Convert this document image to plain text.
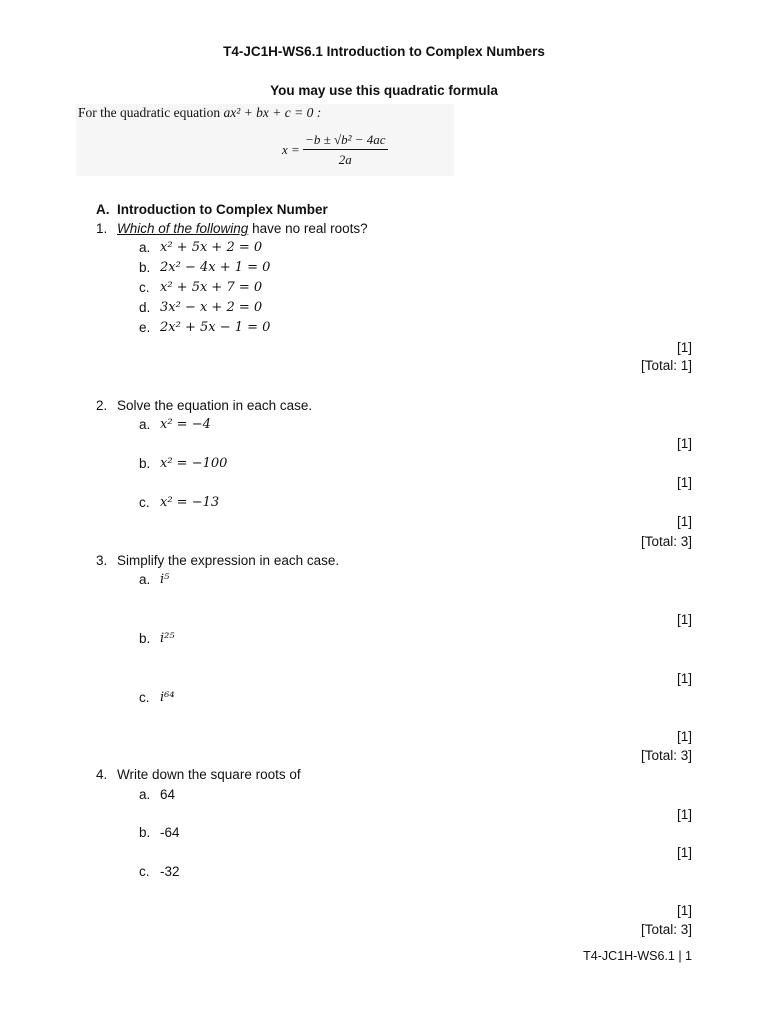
T4-JC1H-WS6.1 Introduction to Complex Numbers
You may use this quadratic formula
For the quadratic equation ax² + bx + c = 0 :
$x = \frac{\text{−b ± √b² − 4ac}}{2a}$
A. Introduction to Complex Number
1. Which of the following have no real roots?
a. x² + 5x + 2 = 0
b. 2x² − 4x + 1 = 0
c. x² + 5x + 7 = 0
d. 3x² − x + 2 = 0
e. 2x² + 5x − 1 = 0
[1]
[Total: 1]
2. Solve the equation in each case.
a. x² = −4
[1]
b. x² = −100
[1]
c. x² = −13
[1]
[Total: 3]
3. Simplify the expression in each case.
a. i⁵
[1]
b. i²⁵
[1]
c. i⁶⁴
[1]
[Total: 3]
4. Write down the square roots of
a. 64
[1]
b. -64
[1]
c. -32
[1]
[Total: 3]
T4-JC1H-WS6.1 | 1
